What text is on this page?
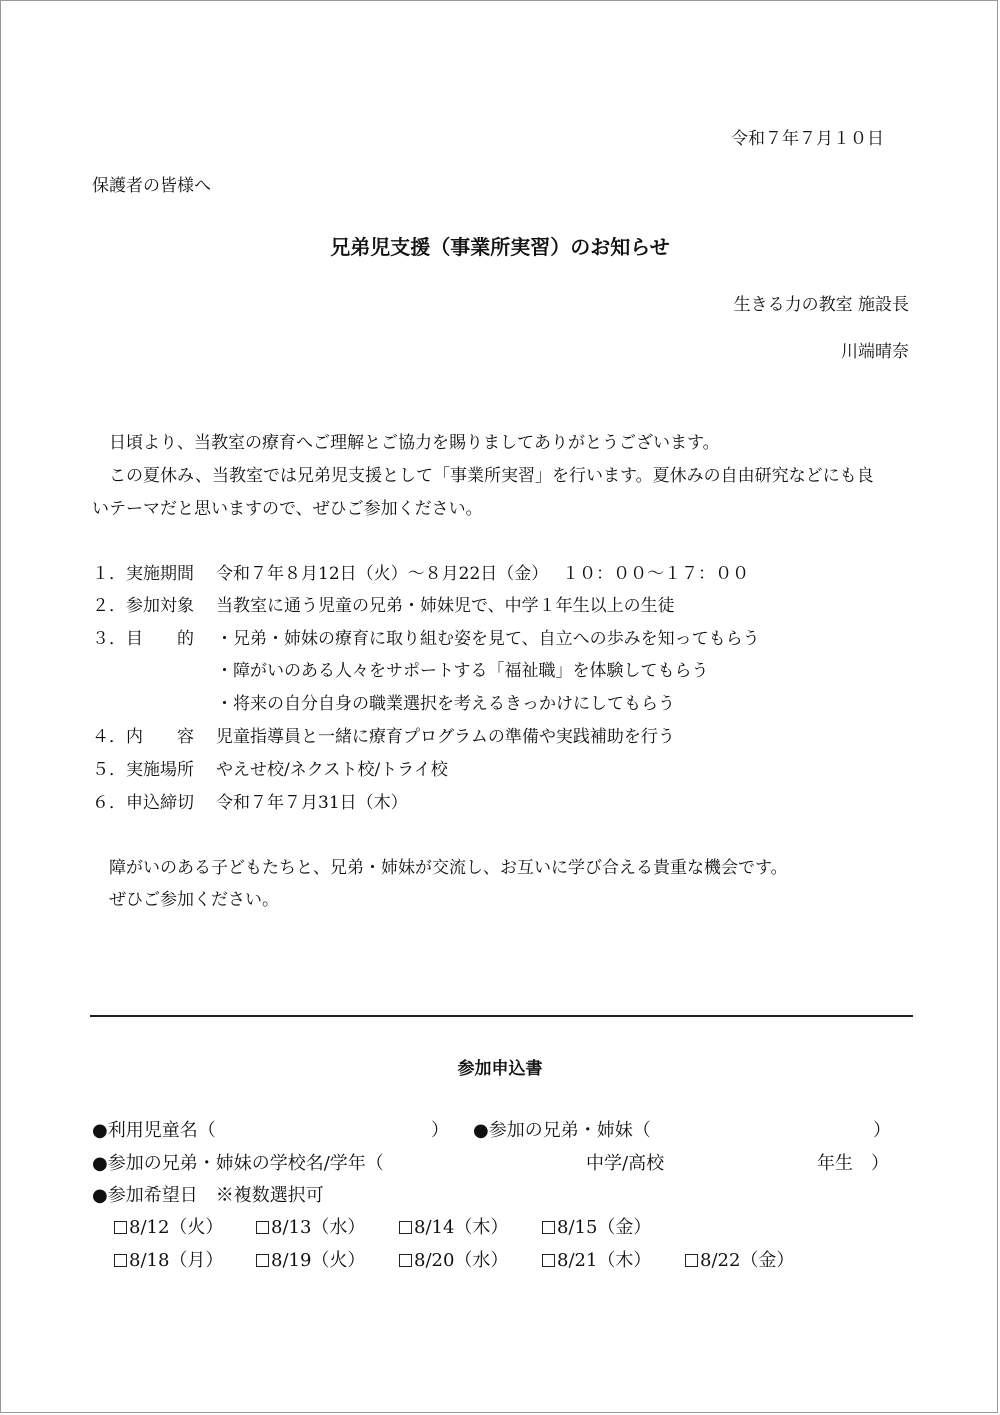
令和７年７月１０日
保護者の皆様へ
兄弟児支援（事業所実習）のお知らせ
生きる力の教室 施設長
川端晴奈
日頃より、当教室の療育へご理解とご協力を賜りましてありがとうございます。
この夏休み、当教室では兄弟児支援として「事業所実習」を行います。夏休みの自由研究などにも良
いテーマだと思いますので、ぜひご参加ください。
１．実施期間 令和７年８月12日（火）～８月22日（金）　 １０：００～１７：００
２．参加対象 当教室に通う児童の兄弟・姉妹児で、中学１年生以上の生徒
３．目　　的 ・兄弟・姉妹の療育に取り組む姿を見て、自立への歩みを知ってもらう
・障がいのある人々をサポートする「福祉職」を体験してもらう
・将来の自分自身の職業選択を考えるきっかけにしてもらう
４．内　　容 児童指導員と一緒に療育プログラムの準備や実践補助を行う
５．実施場所 やえせ校/ネクスト校/トライ校
６．申込締切 令和７年７月31日（木）
障がいのある子どもたちと、兄弟・姉妹が交流し、お互いに学び合える貴重な機会です。
ぜひご参加ください。
参加申込書
●利用児童名（	） ●参加の兄弟・姉妹（	）
●参加の兄弟・姉妹の学校名/学年（	中学/高校	年生　）
●参加希望日　※複数選択可
8/12（火）	8/13（水）	8/14（木）	8/15（金）
8/18（月）	8/19（火）	8/20（水）	8/21（木）	8/22（金）
